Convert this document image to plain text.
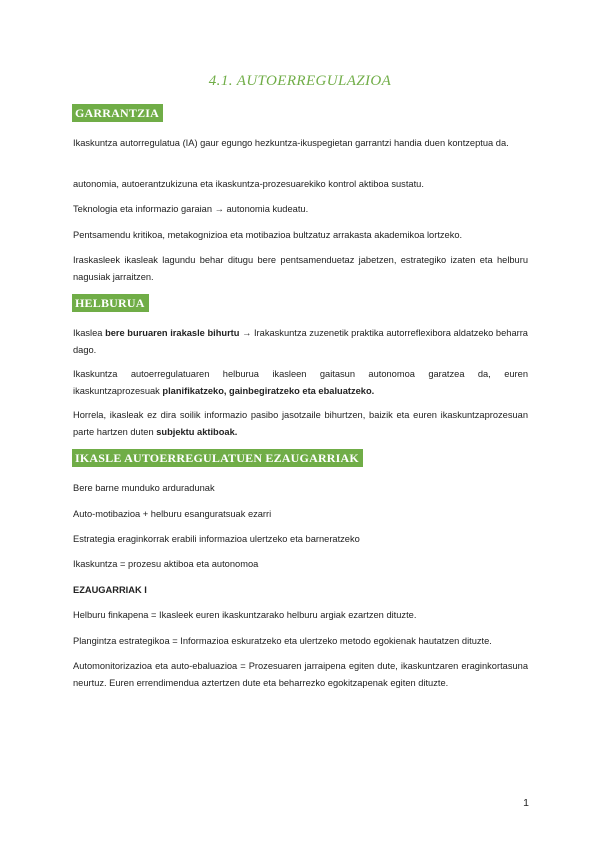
4.1. AUTOERREGULAZIOA
GARRANTZIA

Ikaskuntza autorregulatua (IA) gaur egungo hezkuntza-ikuspegietan garrantzi handia duen kontzeptua da.

autonomia, autoerantzukizuna eta ikaskuntza-prozesuarekiko kontrol aktiboa sustatu.

Teknologia eta informazio garaian → autonomia kudeatu.

Pentsamendu kritikoa, metakognizioa eta motibazioa bultzatuz arrakasta akademikoa lortzeko.

Iraskasleek ikasleak lagundu behar ditugu bere pentsamenduetaz jabetzen, estrategiko izaten eta helburu nagusiak jarraitzen.

HELBURUA

Ikaslea bere buruaren irakasle bihurtu → Irakaskuntza zuzenetik praktika autorreflexibora aldatzeko beharra dago.

Ikaskuntza autoerregulatuaren helburua ikasleen gaitasun autonomoa garatzea da, euren ikaskuntzaprozesuak planifikatzeko, gainbegiratzeko eta ebaluatzeko.

Horrela, ikasleak ez dira soilik informazio pasibo jasotzaile bihurtzen, baizik eta euren ikaskuntzaprozesuan parte hartzen duten subjektu aktiboak.

IKASLE AUTOERREGULATUEN EZAUGARRIAK

Bere barne munduko arduradunak

Auto-motibazioa + helburu esanguratsuak ezarri

Estrategia eraginkorrak erabili informazioa ulertzeko eta barneratzeko

Ikaskuntza = prozesu aktiboa eta autonomoa

EZAUGARRIAK I

Helburu finkapena = Ikasleek euren ikaskuntzarako helburu argiak ezartzen dituzte.

Plangintza estrategikoa = Informazioa eskuratzeko eta ulertzeko metodo egokienak hautatzen dituzte.

Automonitorizazioa eta auto-ebaluazioa = Prozesuaren jarraipena egiten dute, ikaskuntzaren eraginkortasuna neurtuz. Euren errendimendua aztertzen dute eta beharrezko egokitzapenak egiten dituzte.

1
